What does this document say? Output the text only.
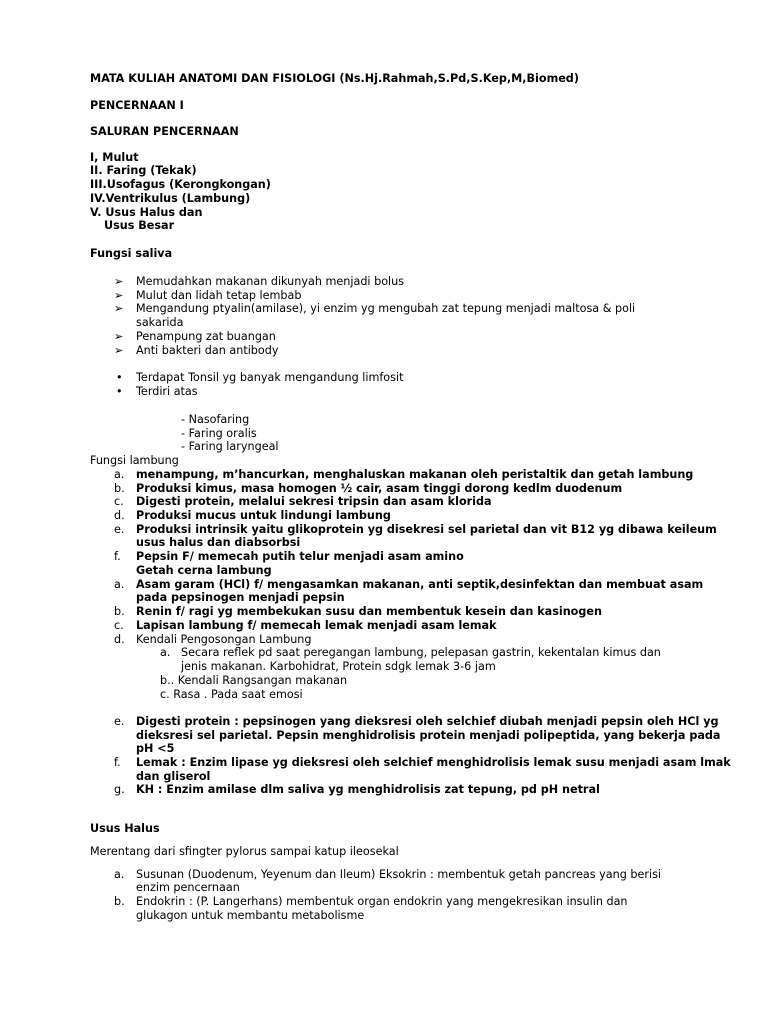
MATA KULIAH ANATOMI DAN FISIOLOGI (Ns.Hj.Rahmah,S.Pd,S.Kep,M,Biomed)
PENCERNAAN I
SALURAN PENCERNAAN
I, Mulut
II. Faring (Tekak)
III.Usofagus (Kerongkongan)
IV.Ventrikulus (Lambung)
V. Usus Halus dan
Usus Besar
Fungsi saliva
➢ Memudahkan makanan dikunyah menjadi bolus
➢ Mulut dan lidah tetap lembab
➢ Mengandung ptyalin(amilase), yi enzim yg mengubah zat tepung menjadi maltosa & poli
sakarida
➢ Penampung zat buangan
➢ Anti bakteri dan antibody
• Terdapat Tonsil yg banyak mengandung limfosit
• Terdiri atas
- Nasofaring
- Faring oralis
- Faring laryngeal
Fungsi lambung
a. menampung, m’hancurkan, menghaluskan makanan oleh peristaltik dan getah lambung
b. Produksi kimus, masa homogen ½ cair, asam tinggi dorong kedlm duodenum
c. Digesti protein, melalui sekresi tripsin dan asam klorida
d. Produksi mucus untuk lindungi lambung
e. Produksi intrinsik yaitu glikoprotein yg disekresi sel parietal dan vit B12 yg dibawa keileum
usus halus dan diabsorbsi
f. Pepsin F/ memecah putih telur menjadi asam amino
Getah cerna lambung
a. Asam garam (HCl) f/ mengasamkan makanan, anti septik,desinfektan dan membuat asam
pada pepsinogen menjadi pepsin
b. Renin f/ ragi yg membekukan susu dan membentuk kesein dan kasinogen
c. Lapisan lambung f/ memecah lemak menjadi asam lemak
d. Kendali Pengosongan Lambung
a. Secara reflek pd saat peregangan lambung, pelepasan gastrin, kekentalan kimus dan
jenis makanan. Karbohidrat, Protein sdgk lemak 3-6 jam
b.. Kendali Rangsangan makanan
c. Rasa . Pada saat emosi
e. Digesti protein : pepsinogen yang dieksresi oleh selchief diubah menjadi pepsin oleh HCl yg
dieksresi sel parietal. Pepsin menghidrolisis protein menjadi polipeptida, yang bekerja pada
pH <5
f. Lemak : Enzim lipase yg dieksresi oleh selchief menghidrolisis lemak susu menjadi asam lmak
dan gliserol
g. KH : Enzim amilase dlm saliva yg menghidrolisis zat tepung, pd pH netral
Usus Halus
Merentang dari sfingter pylorus sampai katup ileosekal
a. Susunan (Duodenum, Yeyenum dan Ileum) Eksokrin : membentuk getah pancreas yang berisi
enzim pencernaan
b. Endokrin : (P. Langerhans) membentuk organ endokrin yang mengekresikan insulin dan
glukagon untuk membantu metabolisme
